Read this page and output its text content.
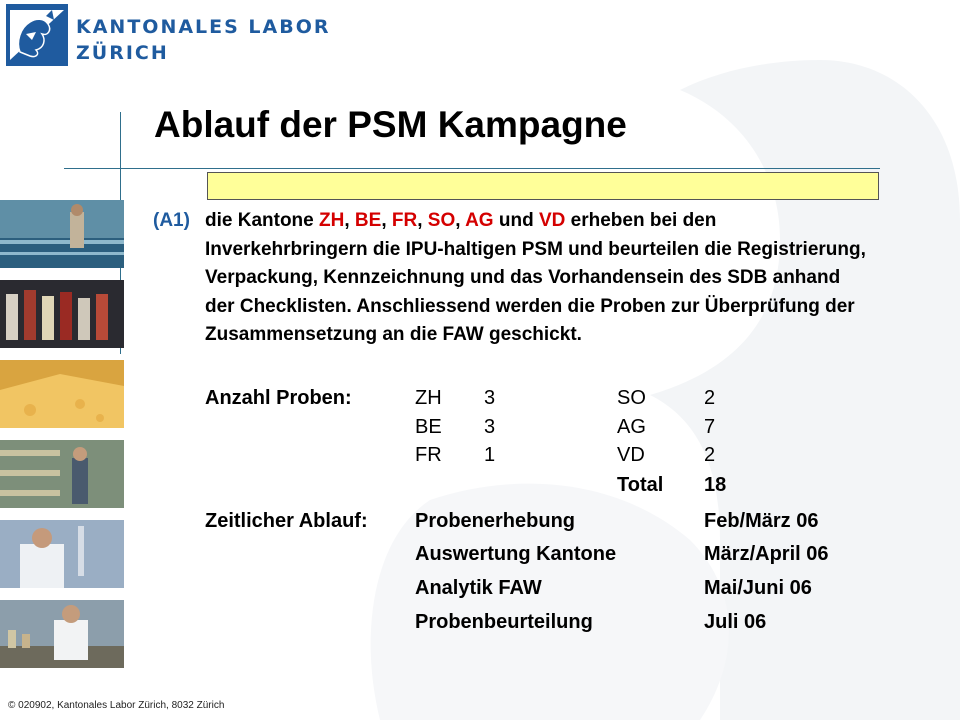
KANTONALES LABOR
ZÜRICH
Ablauf der PSM Kampagne
(A1) die Kantone ZH, BE, FR, SO, AG und VD erheben bei den Inverkehrbringern die IPU-haltigen PSM und beurteilen die Registrierung, Verpackung, Kennzeichnung und das Vorhandensein des SDB anhand der Checklisten. Anschliessend werden die Proben zur Überprüfung der Zusammensetzung an die FAW geschickt.
Anzahl Proben:	ZH 3	SO	2
BE 3	AG	7
FR 1	VD	2
Total 18
Zeitlicher Ablauf: Probenerhebung	Feb/März 06
Auswertung Kantone	März/April 06
Analytik FAW	Mai/Juni 06
Probenbeurteilung	Juli 06
© 020902, Kantonales Labor Zürich, 8032 Zürich
